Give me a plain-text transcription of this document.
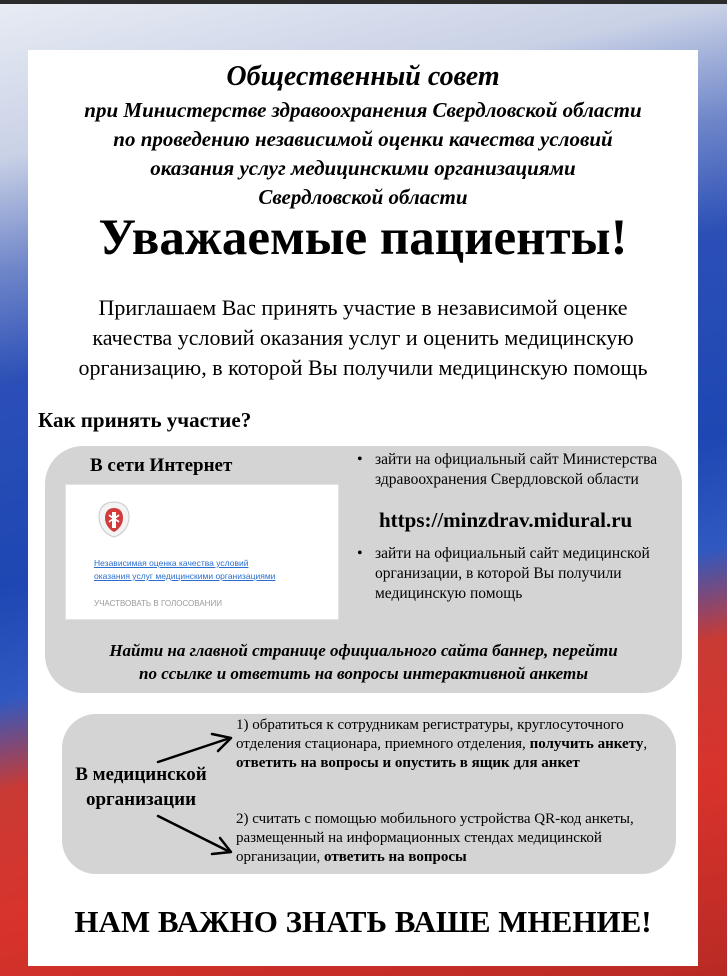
Общественный совет
при Министерстве здравоохранения Свердловской области
по проведению независимой оценки качества условий
оказания услуг медицинскими организациями
Свердловской области
Уважаемые пациенты!
Приглашаем Вас принять участие в независимой оценке
качества условий оказания услуг и оценить медицинскую
организацию, в которой Вы получили медицинскую помощь
Как принять участие?
В сети Интернет
Независимая оценка качества условий
оказания услуг медицинскими организациями
УЧАСТВОВАТЬ В ГОЛОСОВАНИИ
• зайти на официальный сайт Министерства здравоохранения Свердловской области
https://minzdrav.midural.ru
• зайти на официальный сайт медицинской организации, в которой Вы получили медицинскую помощь
Найти на главной странице официального сайта баннер, перейти
по ссылке и ответить на вопросы интерактивной анкеты
В медицинской
организации
1) обратиться к сотрудникам регистратуры, круглосуточного отделения стационара, приемного отделения, получить анкету, ответить на вопросы и опустить в ящик для анкет
2) считать с помощью мобильного устройства QR-код анкеты, размещенный на информационных стендах медицинской организации, ответить на вопросы
НАМ ВАЖНО ЗНАТЬ ВАШЕ МНЕНИЕ!
